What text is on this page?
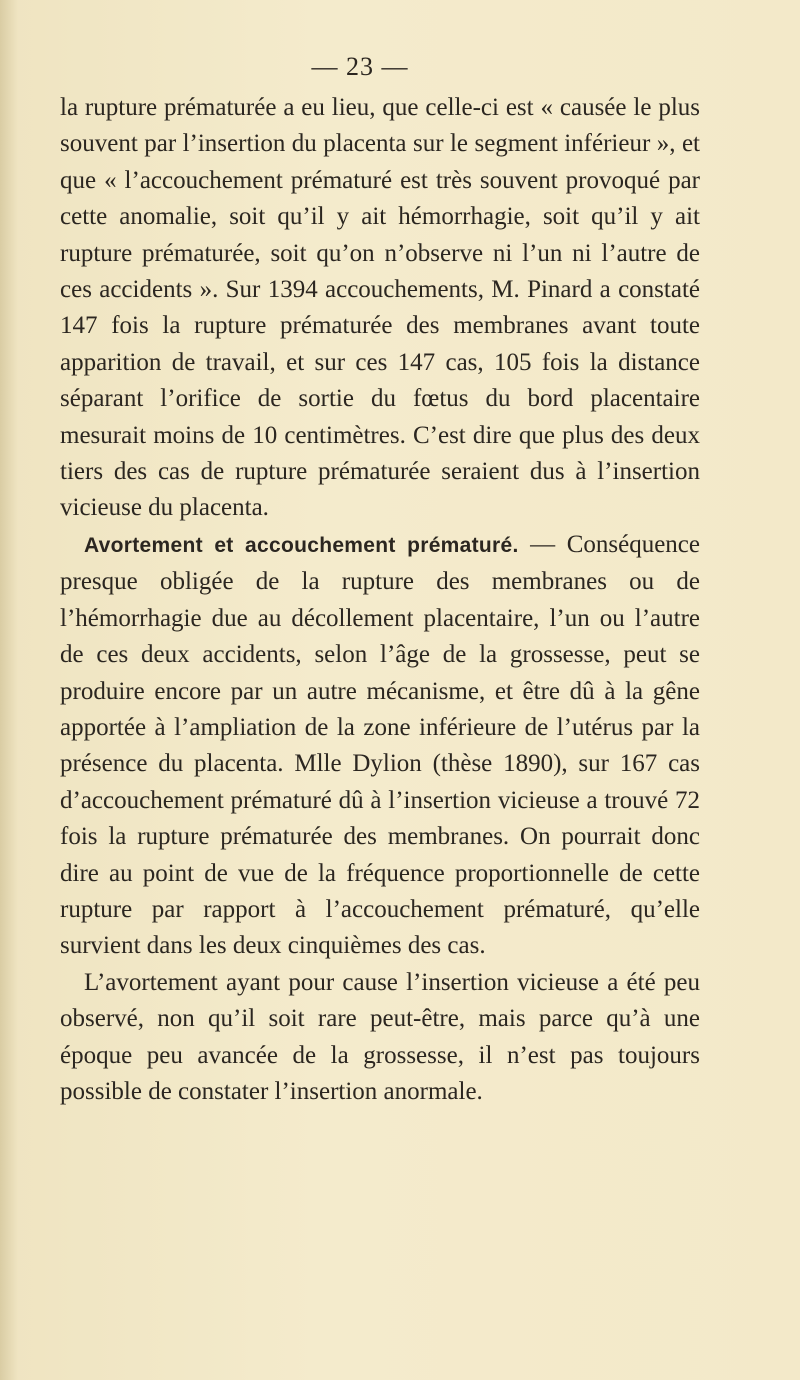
— 23 —

la rupture prématurée a eu lieu, que celle-ci est « causée le plus souvent par l’insertion du placenta sur le segment inférieur », et que « l’accouchement prématuré est très souvent provoqué par cette anomalie, soit qu’il y ait hémorrhagie, soit qu’il y ait rupture prématurée, soit qu’on n’observe ni l’un ni l’autre de ces accidents ». Sur 1394 accouchements, M. Pinard a constaté 147 fois la rupture prématurée des membranes avant toute apparition de travail, et sur ces 147 cas, 105 fois la distance séparant l’orifice de sortie du fœtus du bord placentaire mesurait moins de 10 centimètres. C’est dire que plus des deux tiers des cas de rupture prématurée seraient dus à l’insertion vicieuse du placenta.

Avortement et accouchement prématuré. — Conséquence presque obligée de la rupture des membranes ou de l’hémorrhagie due au décollement placentaire, l’un ou l’autre de ces deux accidents, selon l’âge de la grossesse, peut se produire encore par un autre mécanisme, et être dû à la gêne apportée à l’ampliation de la zone inférieure de l’utérus par la présence du placenta. Mlle Dylion (thèse 1890), sur 167 cas d’accouchement prématuré dû à l’insertion vicieuse a trouvé 72 fois la rupture prématurée des membranes. On pourrait donc dire au point de vue de la fréquence proportionnelle de cette rupture par rapport à l’accouchement prématuré, qu’elle survient dans les deux cinquièmes des cas.

L’avortement ayant pour cause l’insertion vicieuse a été peu observé, non qu’il soit rare peut-être, mais parce qu’à une époque peu avancée de la grossesse, il n’est pas toujours possible de constater l’insertion anormale.
